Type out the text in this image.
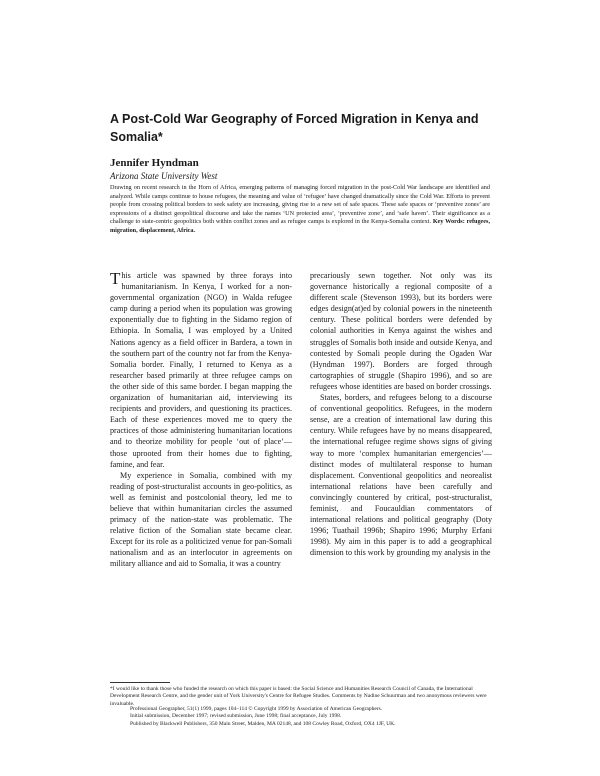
A Post-Cold War Geography of Forced Migration in Kenya and Somalia*

Jennifer Hyndman

Arizona State University West

Drawing on recent research in the Horn of Africa, emerging patterns of managing forced migration in the post-Cold War landscape are identified and analyzed. While camps continue to house refugees, the meaning and value of ‘refugee’ have changed dramatically since the Cold War. Efforts to prevent people from crossing political borders to seek safety are increasing, giving rise to a new set of safe spaces. These safe spaces or ‘preventive zones’ are expressions of a distinct geopolitical discourse and take the names ‘UN protected area’, ‘preventive zone’, and ‘safe haven’. Their significance as a challenge to state-centric geopolitics both within conflict zones and as refugee camps is explored in the Kenya-Somalia context. Key Words: refugees, migration, displacement, Africa.

This article was spawned by three forays into humanitarianism. In Kenya, I worked for a non-governmental organization (NGO) in Walda refugee camp during a period when its population was growing exponentially due to fighting in the Sidamo region of Ethiopia. In Somalia, I was employed by a United Nations agency as a field officer in Bardera, a town in the southern part of the country not far from the Kenya-Somalia border. Finally, I returned to Kenya as a researcher based primarily at three refugee camps on the other side of this same border. I began mapping the organization of humanitarian aid, interviewing its recipients and providers, and questioning its practices. Each of these experiences moved me to query the practices of those administering humanitarian locations and to theorize mobility for people ‘out of place’—those uprooted from their homes due to fighting, famine, and fear.

My experience in Somalia, combined with my reading of post-structuralist accounts in geo-politics, as well as feminist and postcolonial theory, led me to believe that within humanitarian circles the assumed primacy of the nation-state was problematic. The relative fiction of the Somalian state became clear. Except for its role as a politicized venue for pan-Somali nationalism and as an interlocutor in agreements on military alliance and aid to Somalia, it was a country

precariously sewn together. Not only was its governance historically a regional composite of a different scale (Stevenson 1993), but its borders were edges design(at)ed by colonial powers in the nineteenth century. These political borders were defended by colonial authorities in Kenya against the wishes and struggles of Somalis both inside and outside Kenya, and contested by Somali people during the Ogaden War (Hyndman 1997). Borders are forged through cartographies of struggle (Shapiro 1996), and so are refugees whose identities are based on border crossings.

States, borders, and refugees belong to a discourse of conventional geopolitics. Refugees, in the modern sense, are a creation of international law during this century. While refugees have by no means disappeared, the international refugee regime shows signs of giving way to more ‘complex humanitarian emergencies’—distinct modes of multilateral response to human displacement. Conventional geopolitics and neorealist international relations have been carefully and convincingly countered by critical, post-structuralist, feminist, and Foucauldian commentators of international relations and political geography (Doty 1996; Tuathail 1996b; Shapiro 1996; Murphy Erfani 1998). My aim in this paper is to add a geographical dimension to this work by grounding my analysis in the

*I would like to thank those who funded the research on which this paper is based: the Social Science and Humanities Research Council of Canada, the International Development Research Centre, and the gender unit of York University's Centre for Refugee Studies. Comments by Nadine Schuurman and two anonymous reviewers were invaluable.

Professional Geographer, 51(1) 1999, pages 104–114 © Copyright 1999 by Association of American Geographers.
Initial submission, December 1997; revised submission, June 1998; final acceptance, July 1998.
Published by Blackwell Publishers, 350 Main Street, Malden, MA 02148, and 108 Cowley Road, Oxford, OX4 1JF, UK.
